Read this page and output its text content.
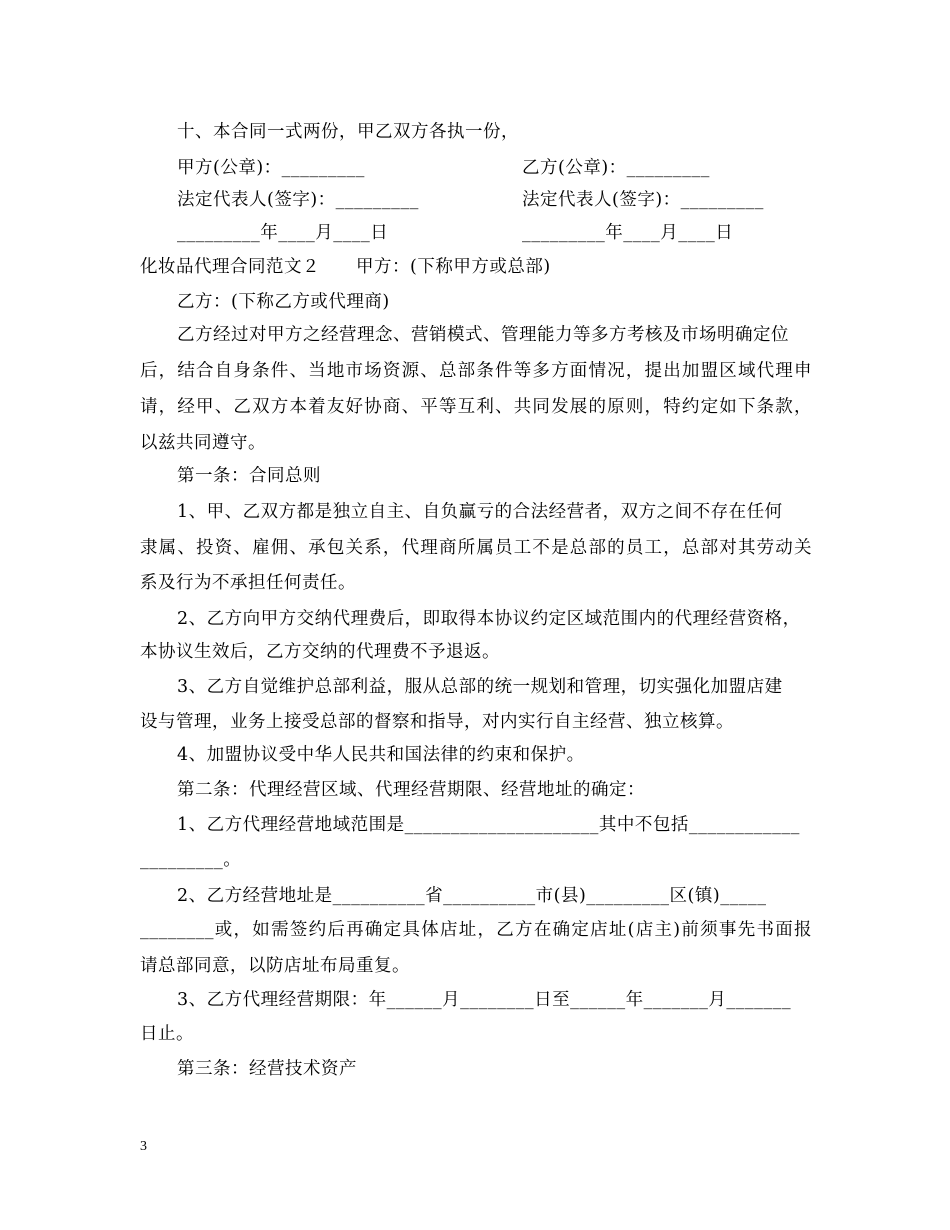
十、本合同一式两份，甲乙双方各执一份，
甲方(公章)：_________	乙方(公章)：_________
法定代表人(签字)：_________	法定代表人(签字)：_________
_________年____月____日	_________年____月____日
化妆品代理合同范文２　　甲方：(下称甲方或总部)
乙方：(下称乙方或代理商)
乙方经过对甲方之经营理念、营销模式、管理能力等多方考核及市场明确定位
后，结合自身条件、当地市场资源、总部条件等多方面情况，提出加盟区域代理申
请，经甲、乙双方本着友好协商、平等互利、共同发展的原则，特约定如下条款，
以兹共同遵守。
第一条：合同总则
1、甲、乙双方都是独立自主、自负赢亏的合法经营者，双方之间不存在任何
隶属、投资、雇佣、承包关系，代理商所属员工不是总部的员工，总部对其劳动关
系及行为不承担任何责任。
2、乙方向甲方交纳代理费后，即取得本协议约定区域范围内的代理经营资格，
本协议生效后，乙方交纳的代理费不予退返。
3、乙方自觉维护总部利益，服从总部的统一规划和管理，切实强化加盟店建
设与管理，业务上接受总部的督察和指导，对内实行自主经营、独立核算。
4、加盟协议受中华人民共和国法律的约束和保护。
第二条：代理经营区域、代理经营期限、经营地址的确定：
1、乙方代理经营地域范围是_____________________其中不包括____________
_________。
2、乙方经营地址是__________省__________市(县)_________区(镇)_____
________或，如需签约后再确定具体店址，乙方在确定店址(店主)前须事先书面报
请总部同意，以防店址布局重复。
3、乙方代理经营期限：年______月________日至______年_______月_______
日止。
第三条：经营技术资产
3
